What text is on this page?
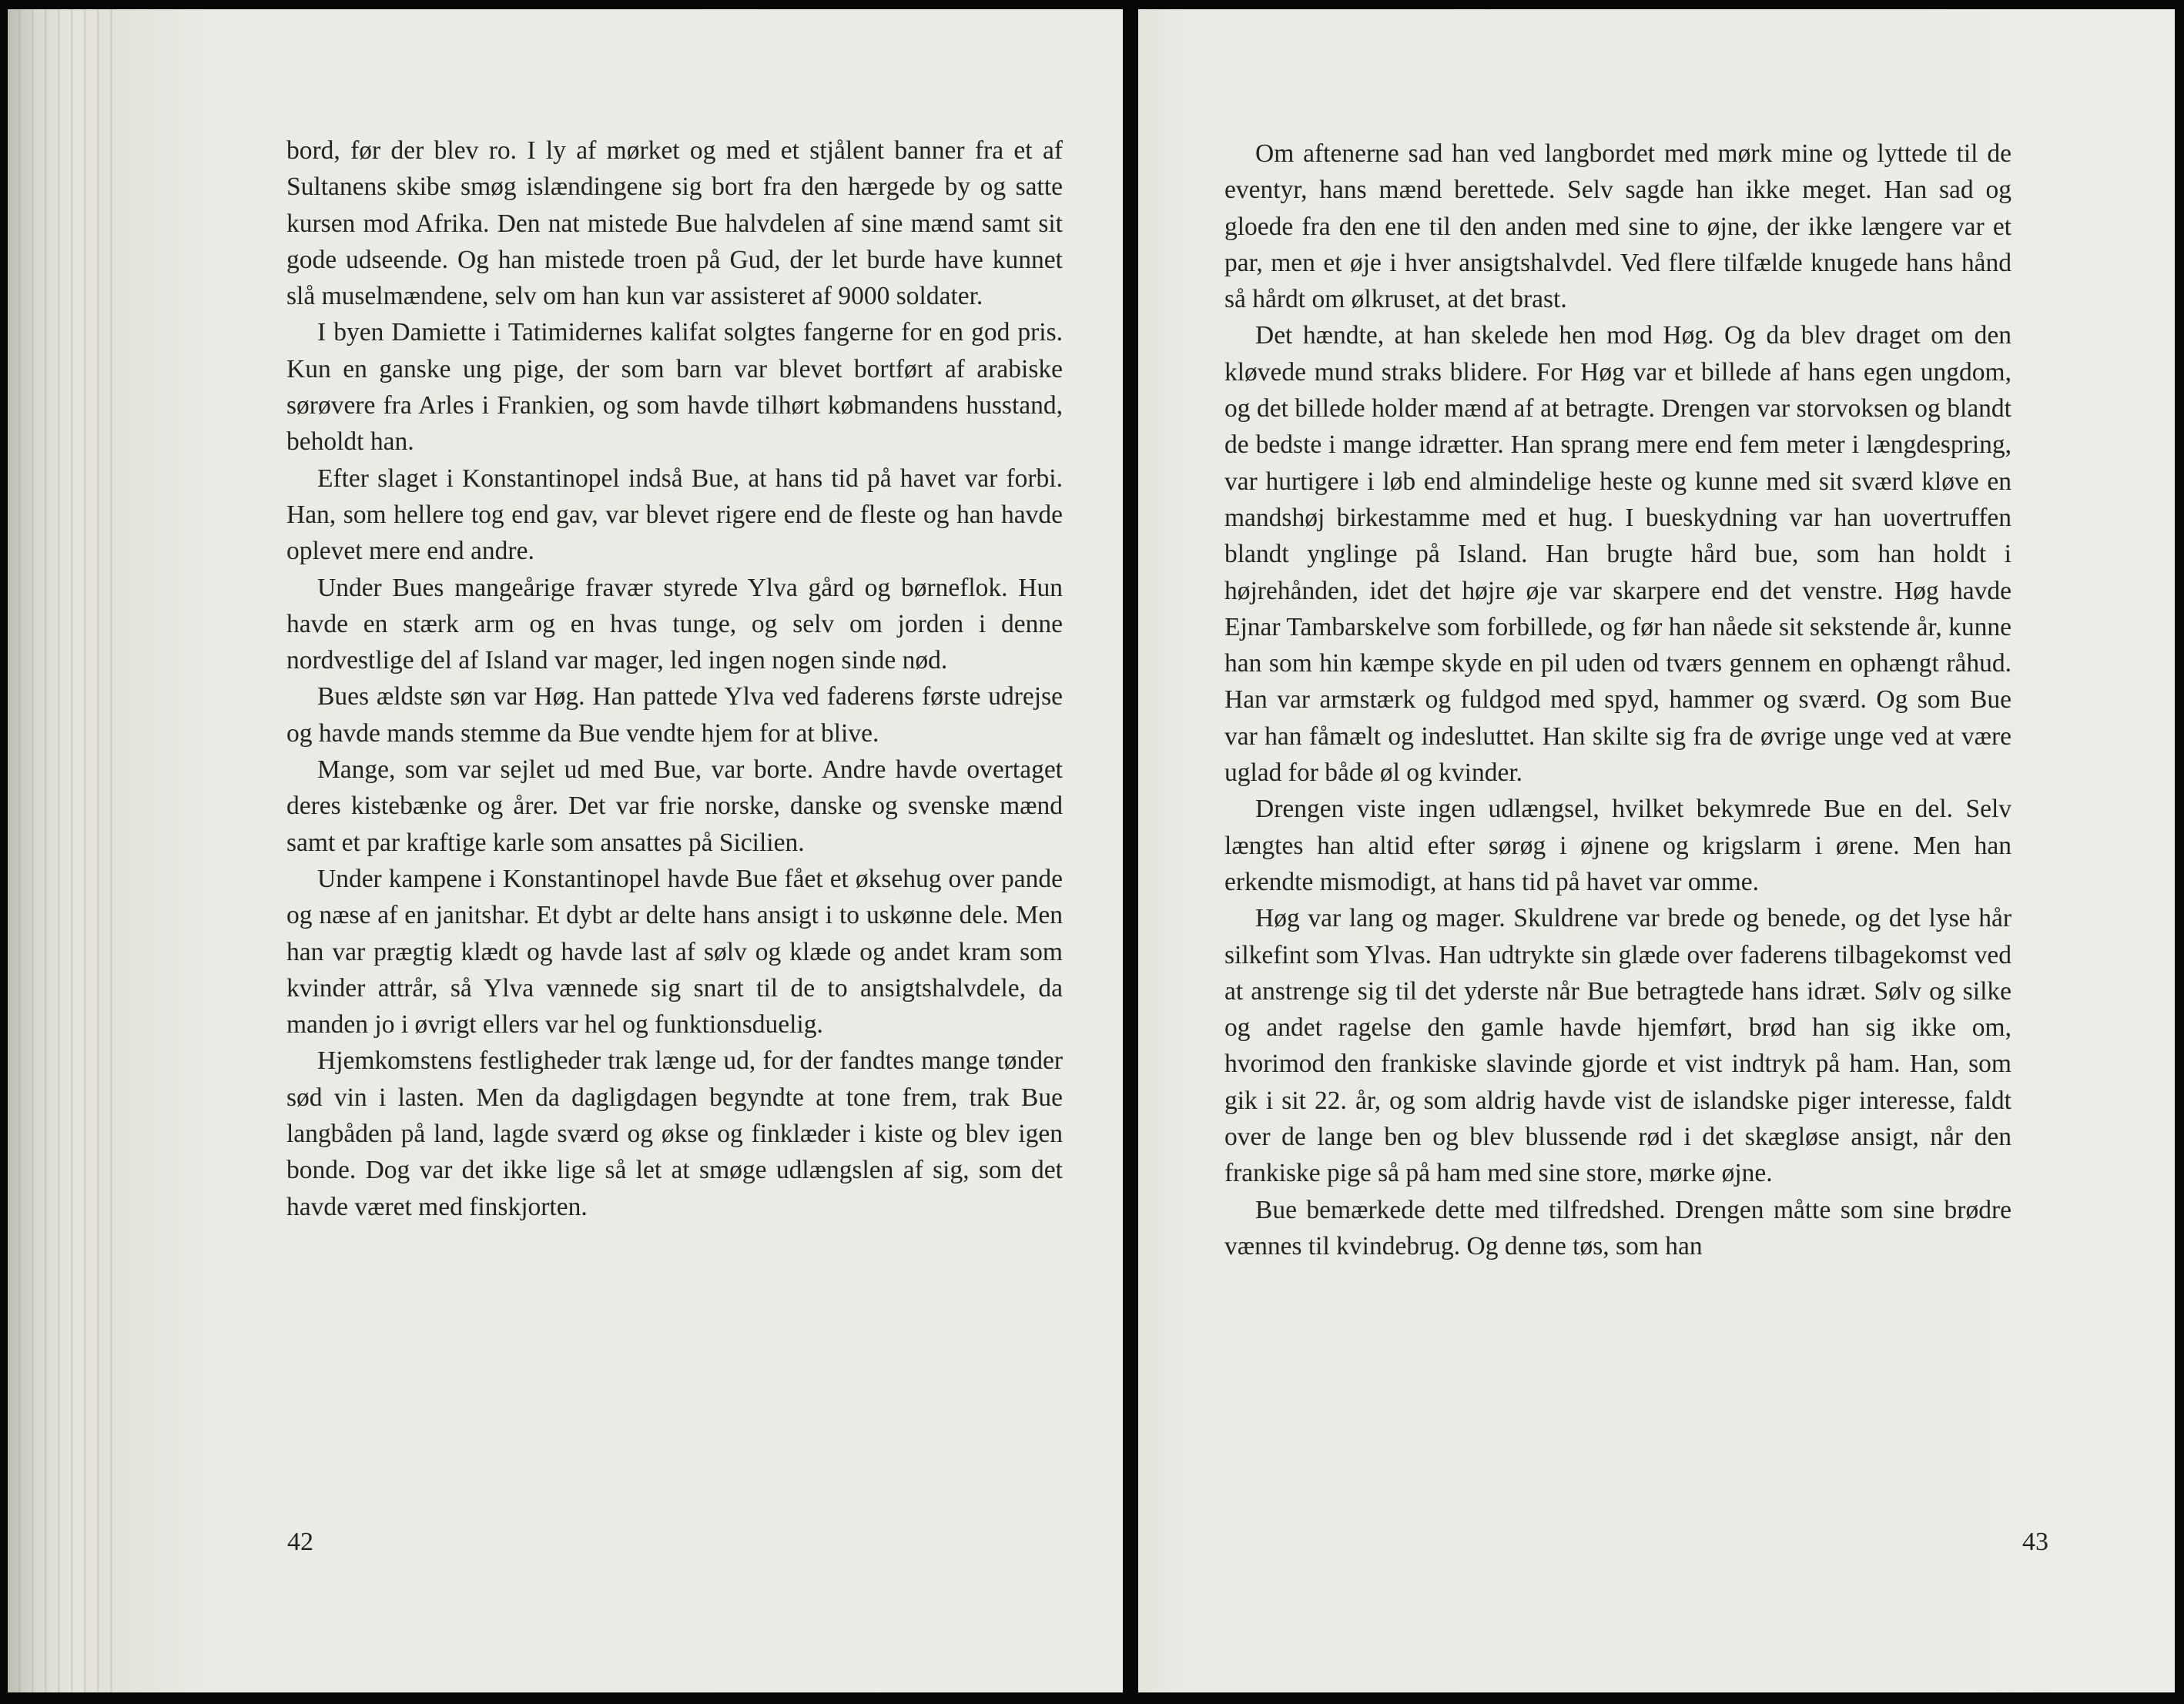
bord, før der blev ro. I ly af mørket og med et stjålent banner fra et af Sultanens skibe smøg islændingene sig bort fra den hærgede by og satte kursen mod Afrika. Den nat mistede Bue halvdelen af sine mænd samt sit gode udseende. Og han mistede troen på Gud, der let burde have kunnet slå muselmændene, selv om han kun var assisteret af 9000 soldater.

I byen Damiette i Tatimidernes kalifat solgtes fangerne for en god pris. Kun en ganske ung pige, der som barn var blevet bortført af arabiske sørøvere fra Arles i Frankien, og som havde tilhørt købmandens husstand, beholdt han.

Efter slaget i Konstantinopel indså Bue, at hans tid på havet var forbi. Han, som hellere tog end gav, var blevet rigere end de fleste og han havde oplevet mere end andre.

Under Bues mangeårige fravær styrede Ylva gård og børneflok. Hun havde en stærk arm og en hvas tunge, og selv om jorden i denne nordvestlige del af Island var mager, led ingen nogen sinde nød.

Bues ældste søn var Høg. Han pattede Ylva ved faderens første udrejse og havde mands stemme da Bue vendte hjem for at blive.

Mange, som var sejlet ud med Bue, var borte. Andre havde overtaget deres kistebænke og årer. Det var frie norske, danske og svenske mænd samt et par kraftige karle som ansattes på Sicilien.

Under kampene i Konstantinopel havde Bue fået et øksehug over pande og næse af en janitshar. Et dybt ar delte hans ansigt i to uskønne dele. Men han var prægtig klædt og havde last af sølv og klæde og andet kram som kvinder attrår, så Ylva vænnede sig snart til de to ansigtshalvdele, da manden jo i øvrigt ellers var hel og funktionsduelig.

Hjemkomstens festligheder trak længe ud, for der fandtes mange tønder sød vin i lasten. Men da dagligdagen begyndte at tone frem, trak Bue langbåden på land, lagde sværd og økse og finklæder i kiste og blev igen bonde. Dog var det ikke lige så let at smøge udlængslen af sig, som det havde været med finskjorten.

42

Om aftenerne sad han ved langbordet med mørk mine og lyttede til de eventyr, hans mænd berettede. Selv sagde han ikke meget. Han sad og gloede fra den ene til den anden med sine to øjne, der ikke længere var et par, men et øje i hver ansigtshalvdel. Ved flere tilfælde knugede hans hånd så hårdt om ølkruset, at det brast.

Det hændte, at han skelede hen mod Høg. Og da blev draget om den kløvede mund straks blidere. For Høg var et billede af hans egen ungdom, og det billede holder mænd af at betragte. Drengen var storvoksen og blandt de bedste i mange idrætter. Han sprang mere end fem meter i længdespring, var hurtigere i løb end almindelige heste og kunne med sit sværd kløve en mandshøj birkestamme med et hug. I bueskydning var han uovertruffen blandt ynglinge på Island. Han brugte hård bue, som han holdt i højrehånden, idet det højre øje var skarpere end det venstre. Høg havde Ejnar Tambarskelve som forbillede, og før han nåede sit sekstende år, kunne han som hin kæmpe skyde en pil uden od tværs gennem en ophængt råhud. Han var armstærk og fuldgod med spyd, hammer og sværd. Og som Bue var han fåmælt og indesluttet. Han skilte sig fra de øvrige unge ved at være uglad for både øl og kvinder.

Drengen viste ingen udlængsel, hvilket bekymrede Bue en del. Selv længtes han altid efter sørøg i øjnene og krigslarm i ørene. Men han erkendte mismodigt, at hans tid på havet var omme.

Høg var lang og mager. Skuldrene var brede og benede, og det lyse hår silkefint som Ylvas. Han udtrykte sin glæde over faderens tilbagekomst ved at anstrenge sig til det yderste når Bue betragtede hans idræt. Sølv og silke og andet ragelse den gamle havde hjemført, brød han sig ikke om, hvorimod den frankiske slavinde gjorde et vist indtryk på ham. Han, som gik i sit 22. år, og som aldrig havde vist de islandske piger interesse, faldt over de lange ben og blev blussende rød i det skægløse ansigt, når den frankiske pige så på ham med sine store, mørke øjne.

Bue bemærkede dette med tilfredshed. Drengen måtte som sine brødre vænnes til kvindebrug. Og denne tøs, som han

43
